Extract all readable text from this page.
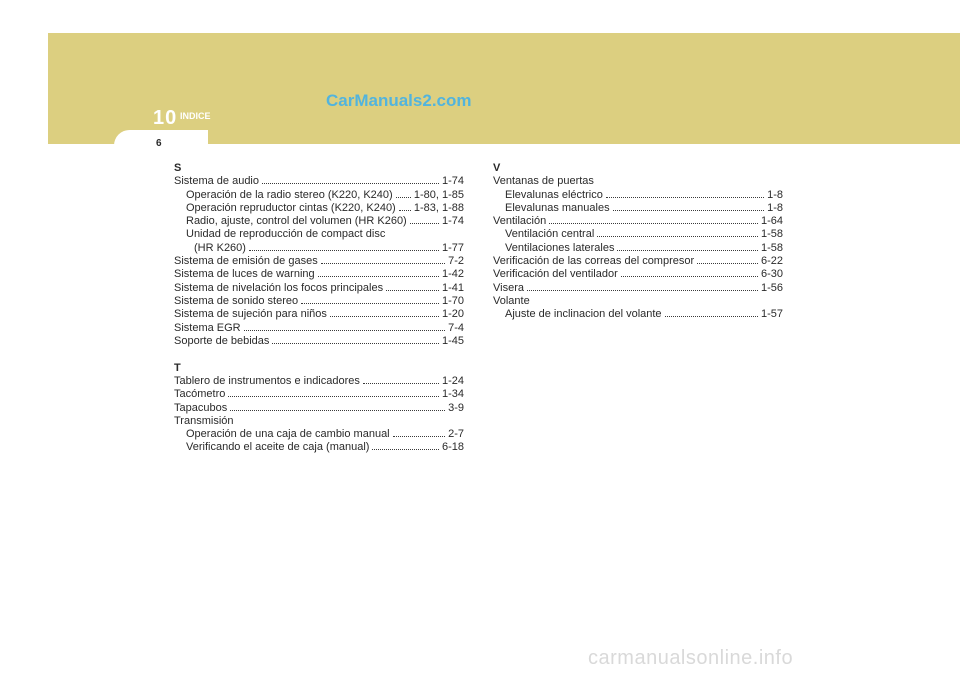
CarManuals2.com
10 INDICE
6
S
Sistema de audio	1-74
Operación de la radio stereo (K220, K240) 1-80, 1-85
Operación repruductor cintas (K220, K240) 1-83, 1-88
Radio, ajuste, control del volumen (HR K260)	1-74
Unidad de reproducción de compact disc
(HR K260)	1-77
Sistema de emisión de gases	7-2
Sistema de luces de warning	1-42
Sistema de nivelación los focos principales	1-41
Sistema de sonido stereo	1-70
Sistema de sujeción para niños	1-20
Sistema EGR	7-4
Soporte de bebidas	1-45
T
Tablero de instrumentos e indicadores	1-24
Tacómetro	1-34
Tapacubos	3-9
Transmisión
Operación de una caja de cambio manual	2-7
Verificando el aceite de caja (manual)	6-18
V
Ventanas de puertas
Elevalunas eléctrico	1-8
Elevalunas manuales	1-8
Ventilación	1-64
Ventilación central	1-58
Ventilaciones laterales	1-58
Verificación de las correas del compresor	6-22
Verificación del ventilador	6-30
Visera	1-56
Volante
Ajuste de inclinacion del volante	1-57
carmanualsonline.info
